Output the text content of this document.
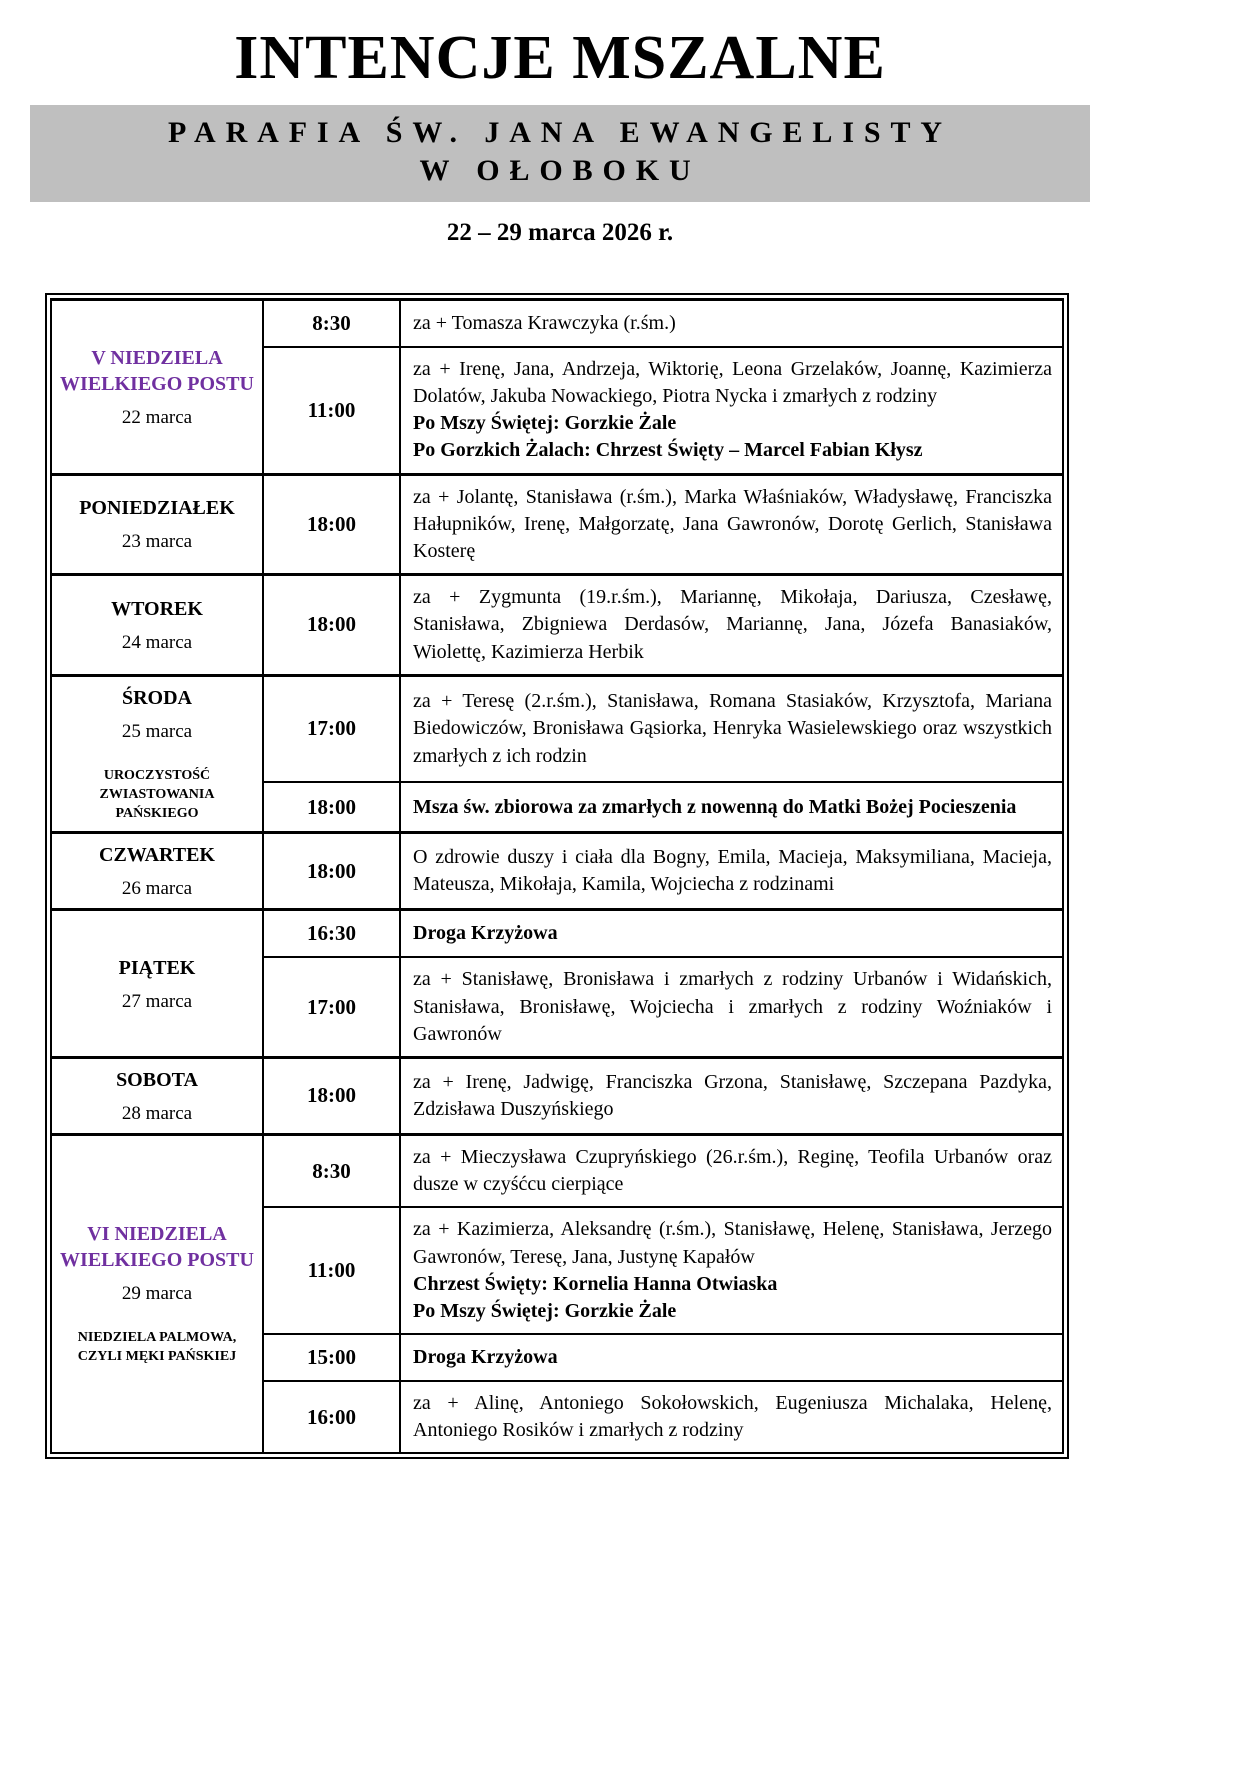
INTENCJE MSZALNE
PARAFIA ŚW. JANA EWANGELISTY
W OŁOBOKU
22 – 29 marca 2026 r.
V NIEDZIELA WIELKIEGO POSTU
22 marca	8:30	za + Tomasza Krawczyka (r.śm.)

	11:00	za + Irenę, Jana, Andrzeja, Wiktorię, Leona Grzelaków, Joannę, Kazimierza Dolatów, Jakuba Nowackiego, Piotra Nycka i zmarłych z rodziny
Po Mszy Świętej: Gorzkie Żale
Po Gorzkich Żalach: Chrzest Święty – Marcel Fabian Kłysz

PONIEDZIAŁEK
23 marca	18:00	za + Jolantę, Stanisława (r.śm.), Marka Właśniaków, Władysławę, Franciszka Hałupników, Irenę, Małgorzatę, Jana Gawronów, Dorotę Gerlich, Stanisława Kosterę

WTOREK
24 marca	18:00	za + Zygmunta (19.r.śm.), Mariannę, Mikołaja, Dariusza, Czesławę, Stanisława, Zbigniewa Derdasów, Mariannę, Jana, Józefa Banasiaków, Wiolettę, Kazimierza Herbik

ŚRODA
25 marca
UROCZYSTOŚĆ ZWIASTOWANIA PAŃSKIEGO	17:00	za + Teresę (2.r.śm.), Stanisława, Romana Stasiaków, Krzysztofa, Mariana Biedowiczów, Bronisława Gąsiorka, Henryka Wasielewskiego oraz wszystkich zmarłych z ich rodzin

	18:00	Msza św. zbiorowa za zmarłych z nowenną do Matki Bożej Pocieszenia

CZWARTEK
26 marca	18:00	O zdrowie duszy i ciała dla Bogny, Emila, Macieja, Maksymiliana, Macieja, Mateusza, Mikołaja, Kamila, Wojciecha z rodzinami

PIĄTEK
27 marca	16:30	Droga Krzyżowa

	17:00	za + Stanisławę, Bronisława i zmarłych z rodziny Urbanów i Widańskich, Stanisława, Bronisławę, Wojciecha i zmarłych z rodziny Woźniaków i Gawronów

SOBOTA
28 marca	18:00	za + Irenę, Jadwigę, Franciszka Grzona, Stanisławę, Szczepana Pazdyka, Zdzisława Duszyńskiego

VI NIEDZIELA WIELKIEGO POSTU
29 marca
NIEDZIELA PALMOWA, CZYLI MĘKI PAŃSKIEJ	8:30	za + Mieczysława Czupryńskiego (26.r.śm.), Reginę, Teofila Urbanów oraz dusze w czyśćcu cierpiące

	11:00	za + Kazimierza, Aleksandrę (r.śm.), Stanisławę, Helenę, Stanisława, Jerzego Gawronów, Teresę, Jana, Justynę Kapałów
Chrzest Święty: Kornelia Hanna Otwiaska
Po Mszy Świętej: Gorzkie Żale

	15:00	Droga Krzyżowa

	16:00	za + Alinę, Antoniego Sokołowskich, Eugeniusza Michalaka, Helenę, Antoniego Rosików i zmarłych z rodziny
